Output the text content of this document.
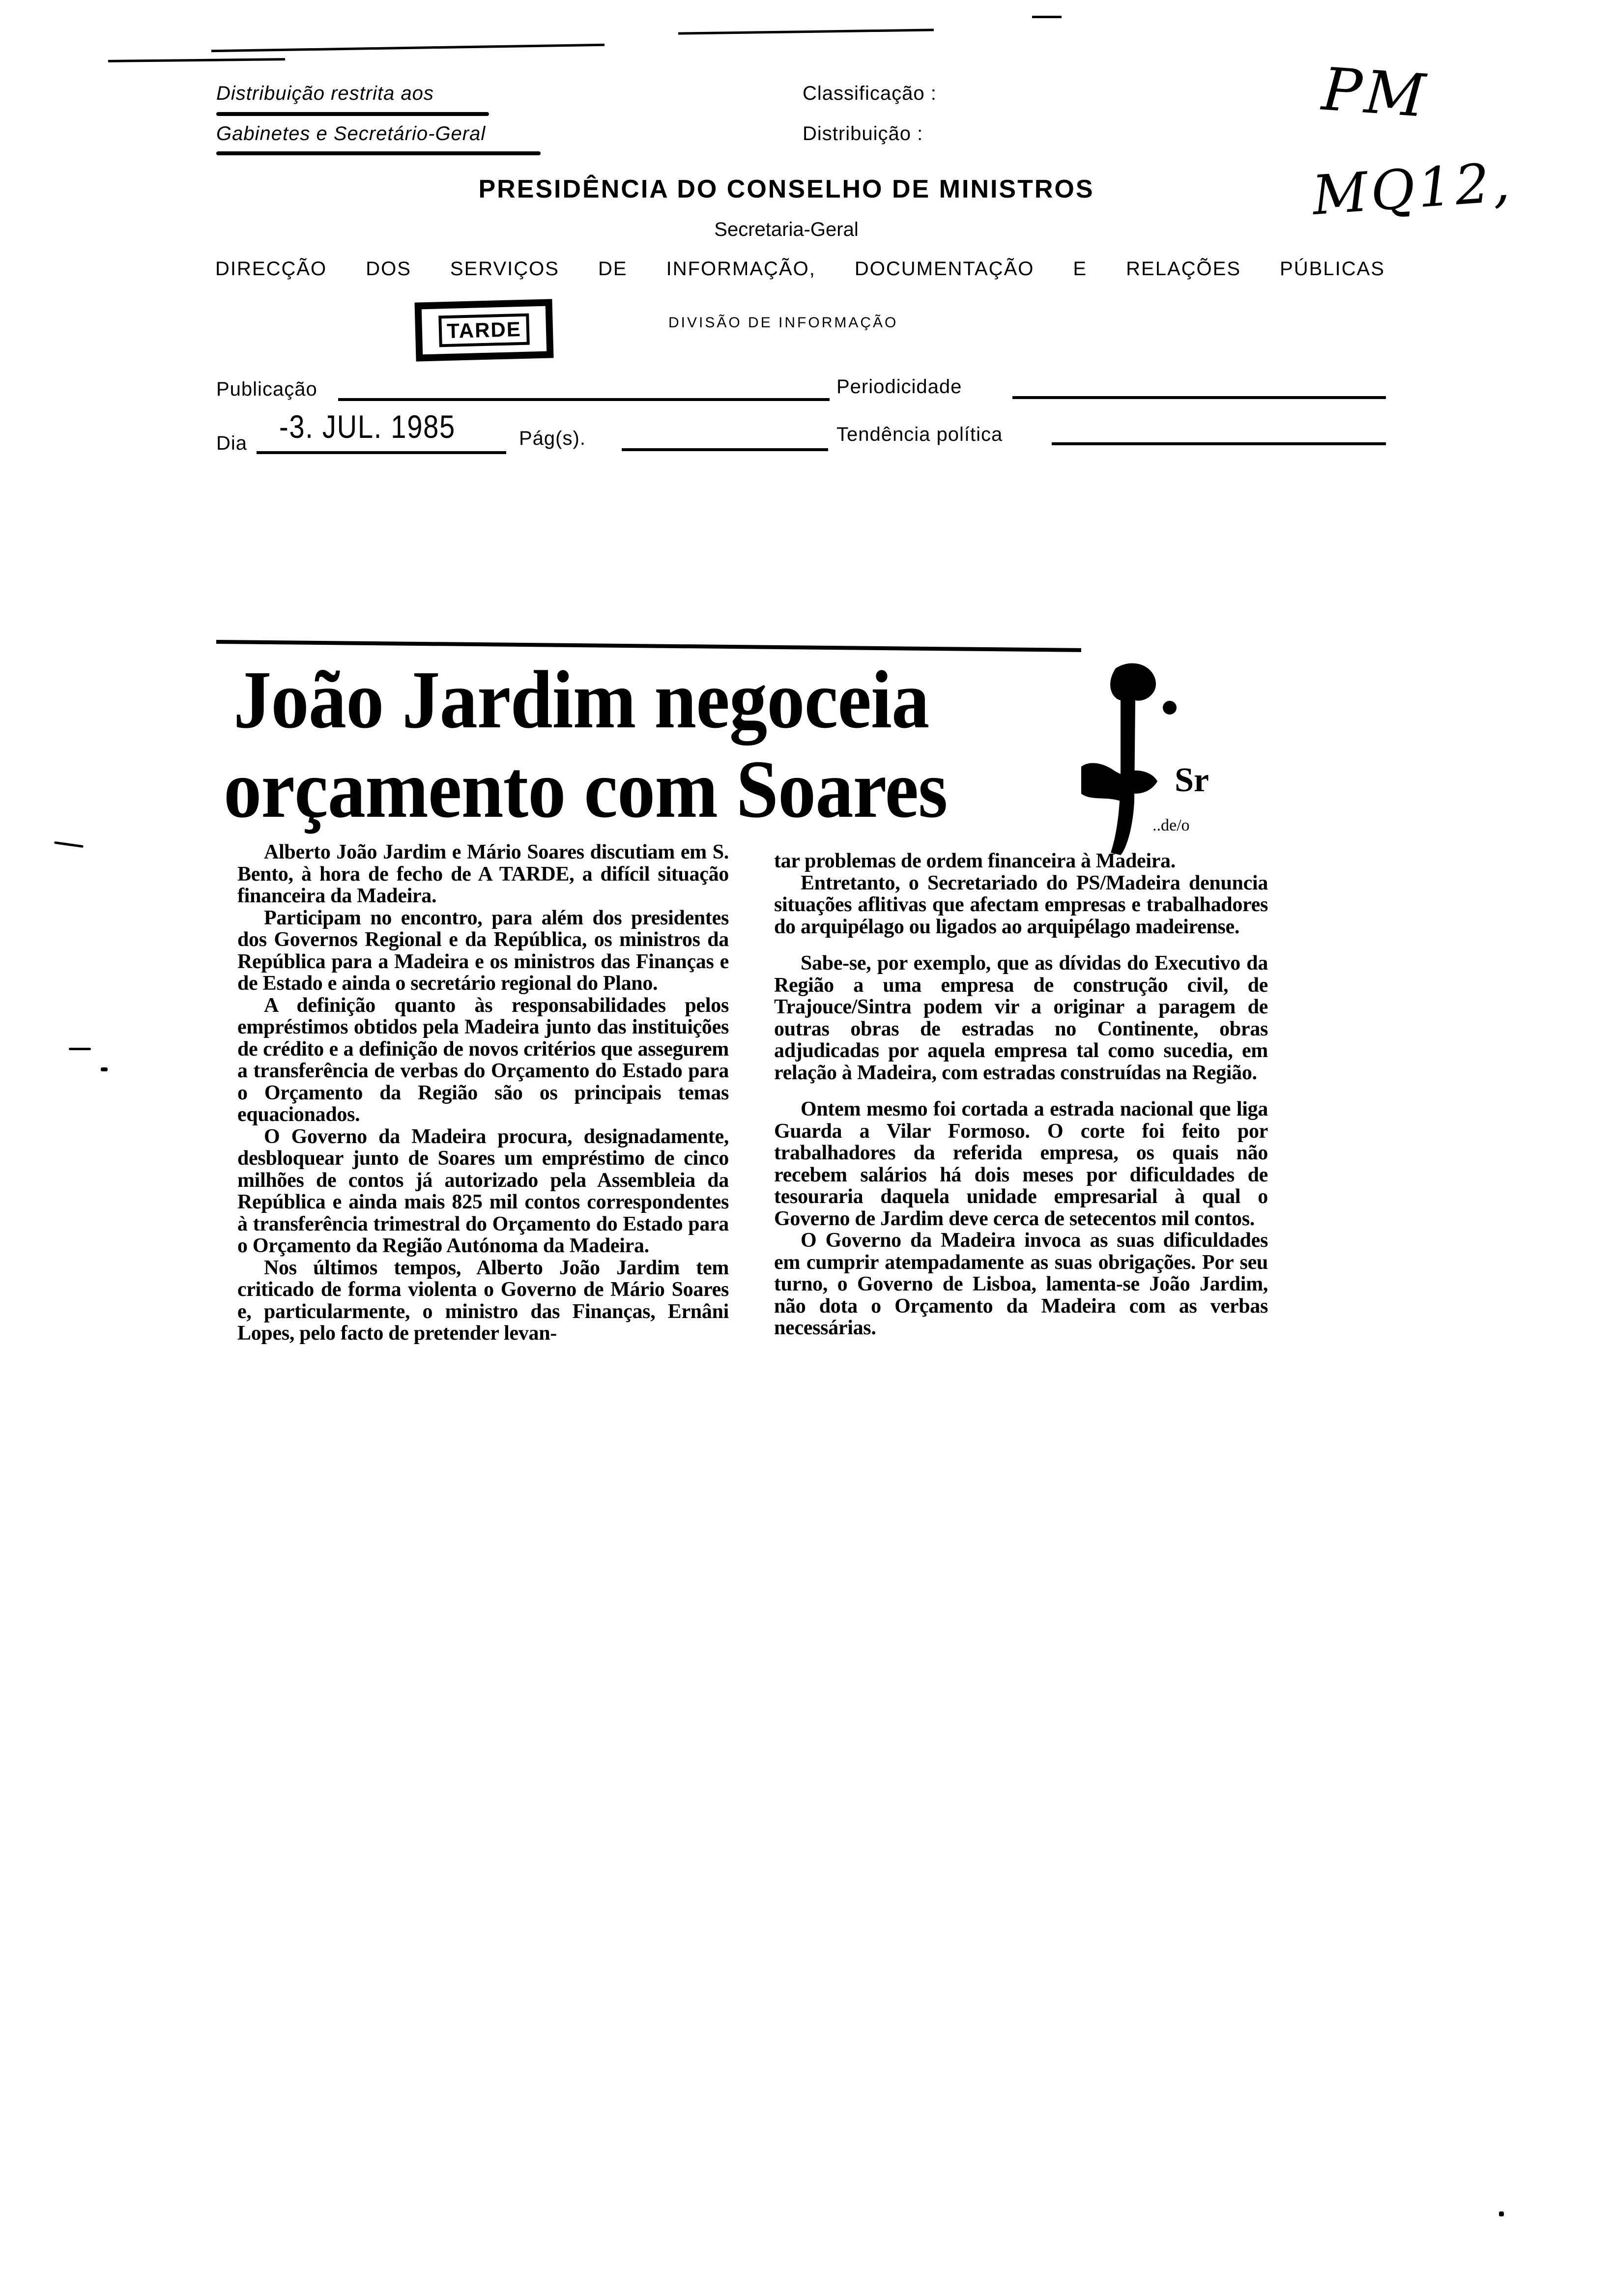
Distribuição restrita aos
Gabinetes e Secretário-Geral
Classificação :
Distribuição :
PM
MQ12,
PRESIDÊNCIA DO CONSELHO DE MINISTROS
Secretaria-Geral
DIRECÇÃO DOS SERVIÇOS DE INFORMAÇÃO, DOCUMENTAÇÃO E RELAÇÕES PÚBLICAS
TARDE	DIVISÃO DE INFORMAÇÃO
Publicação	Periodicidade
Dia -3. JUL. 1985	Pág(s).	Tendência política
João Jardim negoceia
orçamento com Soares	Sr
..de/o

Alberto João Jardim e Mário Soares discutiam em S. Bento, à hora de fecho de A TARDE, a difícil situação financeira da Madeira.

Participam no encontro, para além dos presidentes dos Governos Regional e da República, os ministros da República para a Madeira e os ministros das Finanças e de Estado e ainda o secretário regional do Plano.

A definição quanto às responsabilidades pelos empréstimos obtidos pela Madeira junto das instituições de crédito e a definição de novos critérios que assegurem a transferência de verbas do Orçamento do Estado para o Orçamento da Região são os principais temas equacionados.

O Governo da Madeira procura, designadamente, desbloquear junto de Soares um empréstimo de cinco milhões de contos já autorizado pela Assembleia da República e ainda mais 825 mil contos correspondentes à transferência trimestral do Orçamento do Estado para o Orçamento da Região Autónoma da Madeira.

Nos últimos tempos, Alberto João Jardim tem criticado de forma violenta o Governo de Mário Soares e, particularmente, o ministro das Finanças, Ernâni Lopes, pelo facto de pretender levan-

tar problemas de ordem financeira à Madeira.

Entretanto, o Secretariado do PS/Madeira denuncia situações aflitivas que afectam empresas e trabalhadores do arquipélago ou ligados ao arquipélago madeirense.

Sabe-se, por exemplo, que as dívidas do Executivo da Região a uma empresa de construção civil, de Trajouce/Sintra podem vir a originar a paragem de outras obras de estradas no Continente, obras adjudicadas por aquela empresa tal como sucedia, em relação à Madeira, com estradas construídas na Região.

Ontem mesmo foi cortada a estrada nacional que liga Guarda a Vilar Formoso. O corte foi feito por trabalhadores da referida empresa, os quais não recebem salários há dois meses por dificuldades de tesouraria daquela unidade empresarial à qual o Governo de Jardim deve cerca de setecentos mil contos.

O Governo da Madeira invoca as suas dificuldades em cumprir atempadamente as suas obrigações. Por seu turno, o Governo de Lisboa, lamenta-se João Jardim, não dota o Orçamento da Madeira com as verbas necessárias.
